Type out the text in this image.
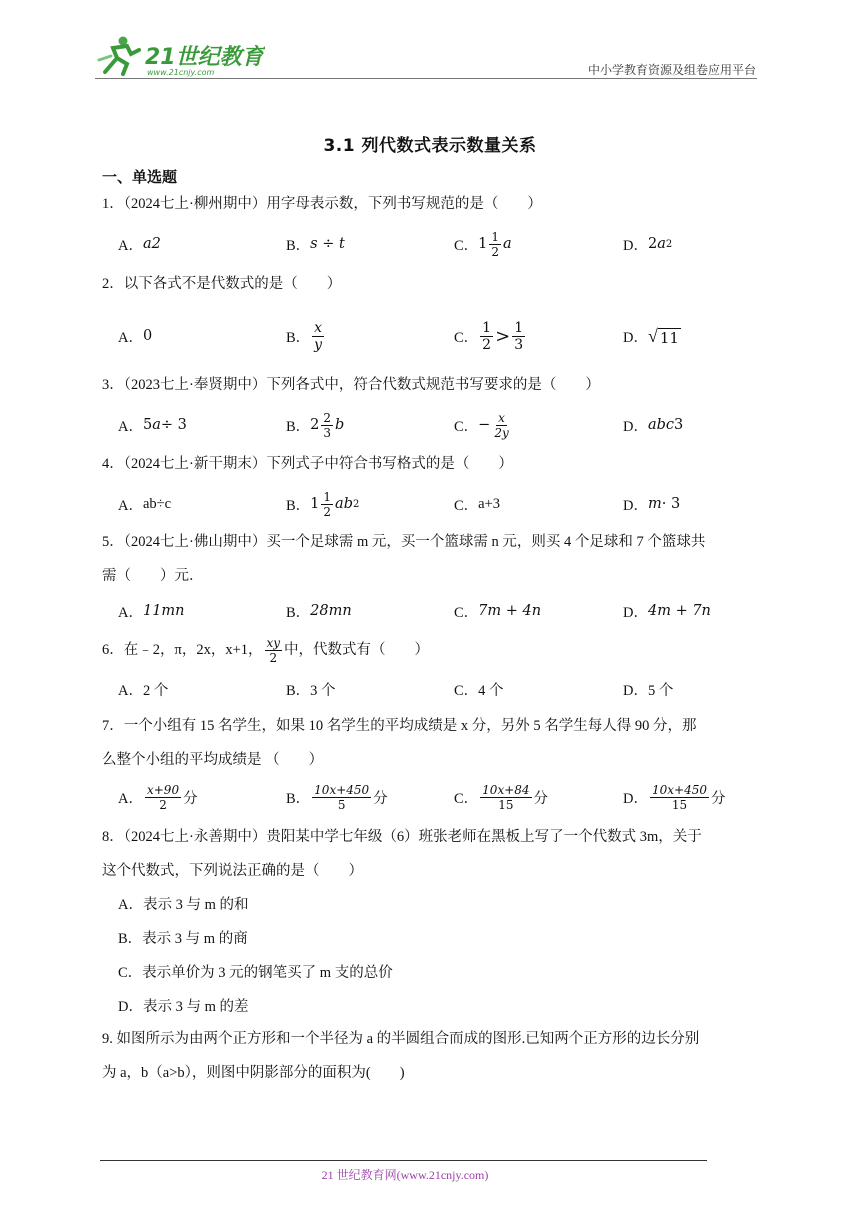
21世纪教育
www.21cnjy.com	中小学教育资源及组卷应用平台
3.1 列代数式表示数量关系
一、单选题
1．（2024七上·柳州期中）用字母表示数，下列书写规范的是（　　）
A． a2	B． s ÷ t	C． $1 \frac{1}{2}$ a	D． 2 a 2
2．以下各式不是代数式的是（　　）
A． 0	B． $\frac{x}{y}$	C． $\frac{1}{2} > \frac{1}{3}$	D． √ 11
3．（2023七上·奉贤期中）下列各式中，符合代数式规范书写要求的是（　　）
A． 5 a ÷ 3	B． $2 \frac{2}{3}$ b	C． − $\frac{x}{2y}$	D． abc 3
4．（2024七上·新干期末）下列式子中符合书写格式的是（　　）
A． ab÷c	B． $1 \frac{1}{2}$ ab 2	C． a+3	D． m · 3
5．（2024七上·佛山期中）买一个足球需 m 元，买一个篮球需 n 元，则买 4 个足球和 7 个篮球共
需（　　）元．
A． 11mn	B． 28mn	C． 7m + 4n	D． 4m + 7n
6．在﹣2，π，2x，x+1， $\frac{xy}{2}$ 中，代数式有（　　）
A．2 个	B．3 个	C．4 个	D．5 个
7．一个小组有 15 名学生，如果 10 名学生的平均成绩是 x 分，另外 5 名学生每人得 90 分，那
么整个小组的平均成绩是 （　　）
A． $\frac{x+90}{2}$ 分	B． $\frac{10x+450}{5}$ 分	C． $\frac{10x+84}{15}$ 分	D． $\frac{10x+450}{15}$ 分
8．（2024七上·永善期中）贵阳某中学七年级（6）班张老师在黑板上写了一个代数式 3m，关于
这个代数式，下列说法正确的是（　　）
A．表示 3 与 m 的和
B．表示 3 与 m 的商
C．表示单价为 3 元的钢笔买了 m 支的总价
D．表示 3 与 m 的差
9. 如图所示为由两个正方形和一个半径为 a 的半圆组合而成的图形.已知两个正方形的边长分别
为 a，b（a>b），则图中阴影部分的面积为(　　)
21 世纪教育网(www.21cnjy.com)
